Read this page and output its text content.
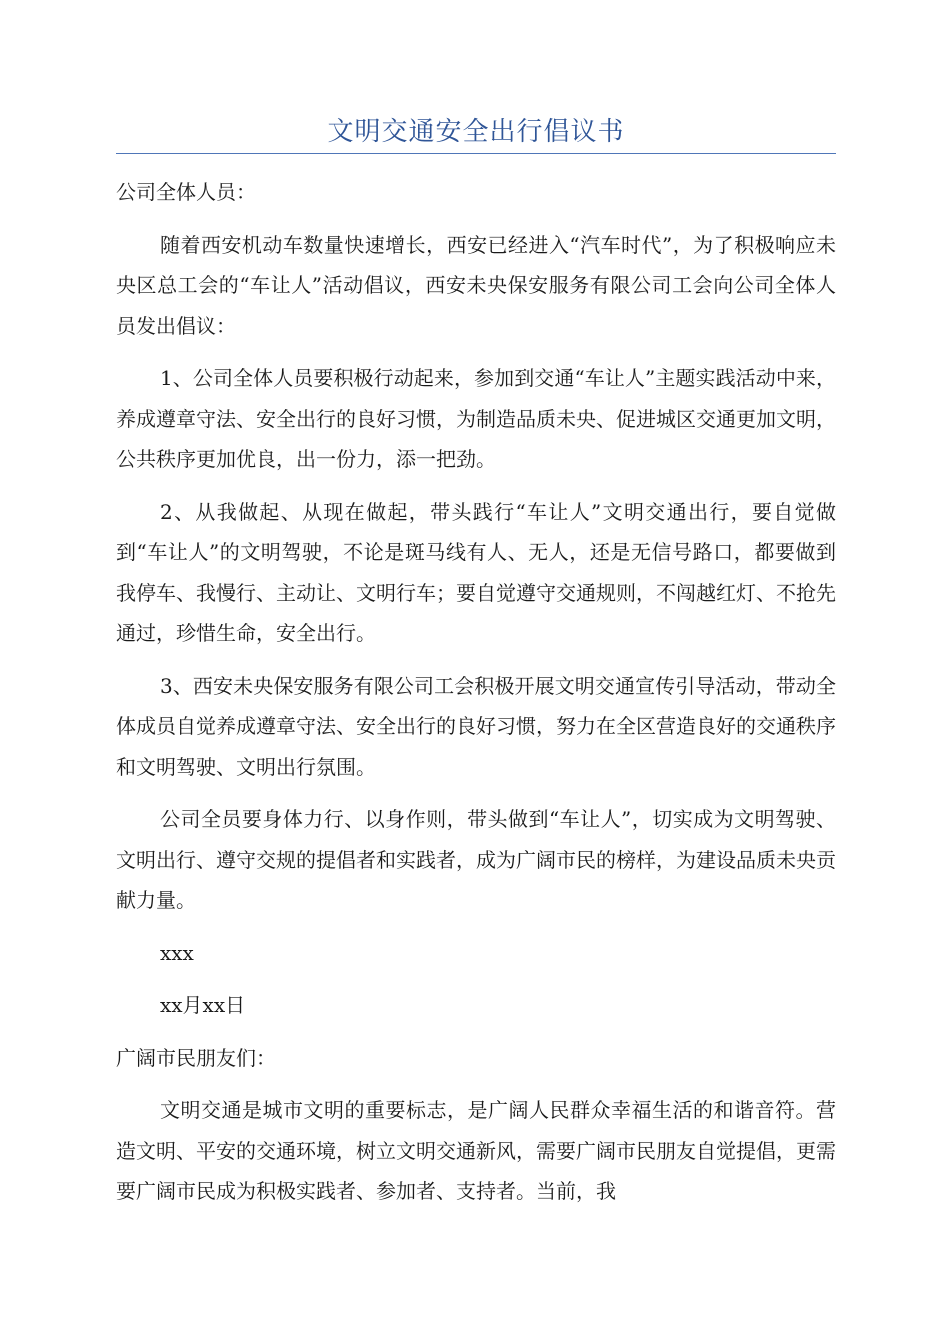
文明交通安全出行倡议书

公司全体人员：

随着西安机动车数量快速增长，西安已经进入“汽车时代”，为了积极响应未央区总工会的“车让人”活动倡议，西安未央保安服务有限公司工会向公司全体人员发出倡议：

1、公司全体人员要积极行动起来，参加到交通“车让人”主题实践活动中来，养成遵章守法、安全出行的良好习惯，为制造品质未央、促进城区交通更加文明，公共秩序更加优良，出一份力，添一把劲。

2、从我做起、从现在做起，带头践行“车让人”文明交通出行，要自觉做到“车让人”的文明驾驶，不论是斑马线有人、无人，还是无信号路口，都要做到我停车、我慢行、主动让、文明行车；要自觉遵守交通规则，不闯越红灯、不抢先通过，珍惜生命，安全出行。

3、西安未央保安服务有限公司工会积极开展文明交通宣传引导活动，带动全体成员自觉养成遵章守法、安全出行的良好习惯，努力在全区营造良好的交通秩序和文明驾驶、文明出行氛围。

公司全员要身体力行、以身作则，带头做到“车让人”，切实成为文明驾驶、文明出行、遵守交规的提倡者和实践者，成为广阔市民的榜样，为建设品质未央贡献力量。

xxx

xx月xx日

广阔市民朋友们：

文明交通是城市文明的重要标志，是广阔人民群众幸福生活的和谐音符。营造文明、平安的交通环境，树立文明交通新风，需要广阔市民朋友自觉提倡，更需要广阔市民成为积极实践者、参加者、支持者。当前，我
